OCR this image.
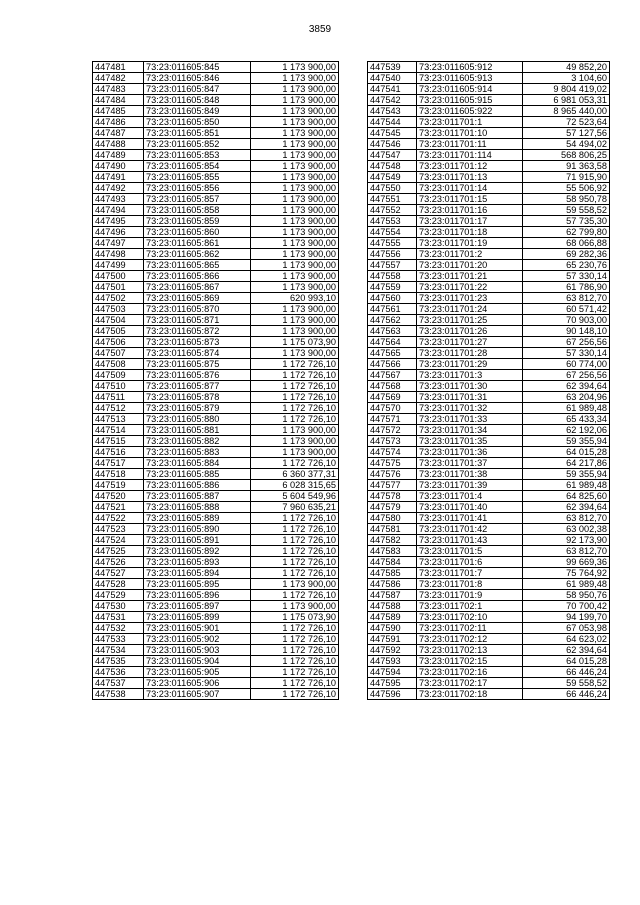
3859
447481	73:23:011605:845	1 173 900,00
447482	73:23:011605:846	1 173 900,00
447483	73:23:011605:847	1 173 900,00
447484	73:23:011605:848	1 173 900,00
447485	73:23:011605:849	1 173 900,00
447486	73:23:011605:850	1 173 900,00
447487	73:23:011605:851	1 173 900,00
447488	73:23:011605:852	1 173 900,00
447489	73:23:011605:853	1 173 900,00
447490	73:23:011605:854	1 173 900,00
447491	73:23:011605:855	1 173 900,00
447492	73:23:011605:856	1 173 900,00
447493	73:23:011605:857	1 173 900,00
447494	73:23:011605:858	1 173 900,00
447495	73:23:011605:859	1 173 900,00
447496	73:23:011605:860	1 173 900,00
447497	73:23:011605:861	1 173 900,00
447498	73:23:011605:862	1 173 900,00
447499	73:23:011605:865	1 173 900,00
447500	73:23:011605:866	1 173 900,00
447501	73:23:011605:867	1 173 900,00
447502	73:23:011605:869	620 993,10
447503	73:23:011605:870	1 173 900,00
447504	73:23:011605:871	1 173 900,00
447505	73:23:011605:872	1 173 900,00
447506	73:23:011605:873	1 175 073,90
447507	73:23:011605:874	1 173 900,00
447508	73:23:011605:875	1 172 726,10
447509	73:23:011605:876	1 172 726,10
447510	73:23:011605:877	1 172 726,10
447511	73:23:011605:878	1 172 726,10
447512	73:23:011605:879	1 172 726,10
447513	73:23:011605:880	1 172 726,10
447514	73:23:011605:881	1 173 900,00
447515	73:23:011605:882	1 173 900,00
447516	73:23:011605:883	1 173 900,00
447517	73:23:011605:884	1 172 726,10
447518	73:23:011605:885	6 360 377,31
447519	73:23:011605:886	6 028 315,65
447520	73:23:011605:887	5 604 549,96
447521	73:23:011605:888	7 960 635,21
447522	73:23:011605:889	1 172 726,10
447523	73:23:011605:890	1 172 726,10
447524	73:23:011605:891	1 172 726,10
447525	73:23:011605:892	1 172 726,10
447526	73:23:011605:893	1 172 726,10
447527	73:23:011605:894	1 172 726,10
447528	73:23:011605:895	1 173 900,00
447529	73:23:011605:896	1 172 726,10
447530	73:23:011605:897	1 173 900,00
447531	73:23:011605:899	1 175 073,90
447532	73:23:011605:901	1 172 726,10
447533	73:23:011605:902	1 172 726,10
447534	73:23:011605:903	1 172 726,10
447535	73:23:011605:904	1 172 726,10
447536	73:23:011605:905	1 172 726,10
447537	73:23:011605:906	1 172 726,10
447538	73:23:011605:907	1 172 726,10
447539	73:23:011605:912	49 852,20
447540	73:23:011605:913	3 104,60
447541	73:23:011605:914	9 804 419,02
447542	73:23:011605:915	6 981 053,31
447543	73:23:011605:922	8 965 440,00
447544	73:23:011701:1	72 523,64
447545	73:23:011701:10	57 127,56
447546	73:23:011701:11	54 494,02
447547	73:23:011701:114	568 806,25
447548	73:23:011701:12	91 363,58
447549	73:23:011701:13	71 915,90
447550	73:23:011701:14	55 506,92
447551	73:23:011701:15	58 950,78
447552	73:23:011701:16	59 558,52
447553	73:23:011701:17	57 735,30
447554	73:23:011701:18	62 799,80
447555	73:23:011701:19	68 066,88
447556	73:23:011701:2	69 282,36
447557	73:23:011701:20	65 230,76
447558	73:23:011701:21	57 330,14
447559	73:23:011701:22	61 786,90
447560	73:23:011701:23	63 812,70
447561	73:23:011701:24	60 571,42
447562	73:23:011701:25	70 903,00
447563	73:23:011701:26	90 148,10
447564	73:23:011701:27	67 256,56
447565	73:23:011701:28	57 330,14
447566	73:23:011701:29	60 774,00
447567	73:23:011701:3	67 256,56
447568	73:23:011701:30	62 394,64
447569	73:23:011701:31	63 204,96
447570	73:23:011701:32	61 989,48
447571	73:23:011701:33	65 433,34
447572	73:23:011701:34	62 192,06
447573	73:23:011701:35	59 355,94
447574	73:23:011701:36	64 015,28
447575	73:23:011701:37	64 217,86
447576	73:23:011701:38	59 355,94
447577	73:23:011701:39	61 989,48
447578	73:23:011701:4	64 825,60
447579	73:23:011701:40	62 394,64
447580	73:23:011701:41	63 812,70
447581	73:23:011701:42	63 002,38
447582	73:23:011701:43	92 173,90
447583	73:23:011701:5	63 812,70
447584	73:23:011701:6	99 669,36
447585	73:23:011701:7	75 764,92
447586	73:23:011701:8	61 989,48
447587	73:23:011701:9	58 950,76
447588	73:23:011702:1	70 700,42
447589	73:23:011702:10	94 199,70
447590	73:23:011702:11	67 053,98
447591	73:23:011702:12	64 623,02
447592	73:23:011702:13	62 394,64
447593	73:23:011702:15	64 015,28
447594	73:23:011702:16	66 446,24
447595	73:23:011702:17	59 558,52
447596	73:23:011702:18	66 446,24
